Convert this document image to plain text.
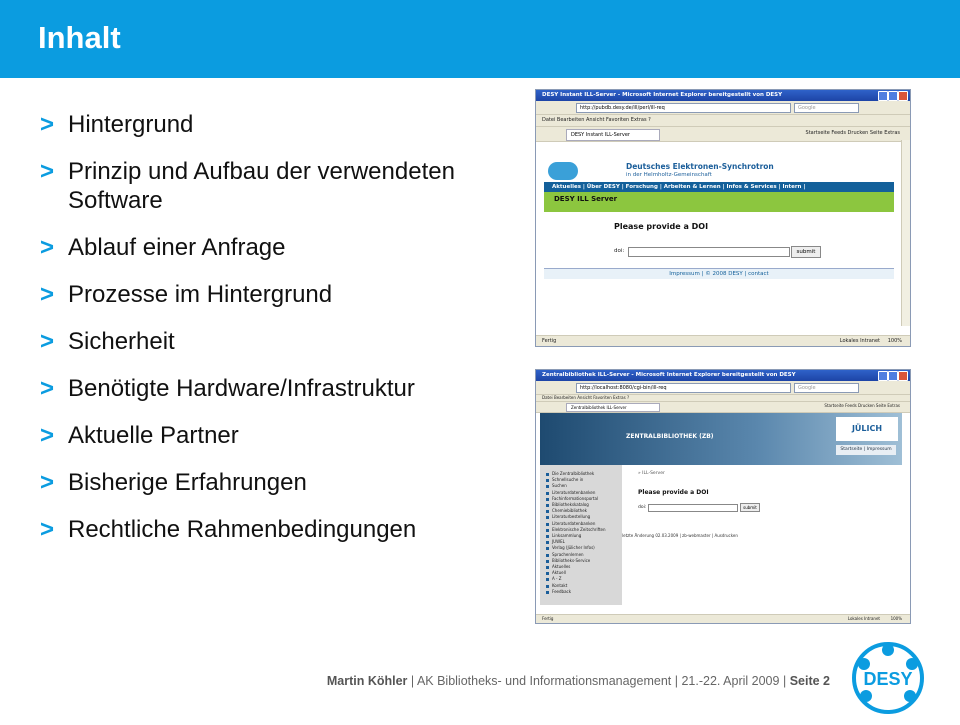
Inhalt
> Hintergrund
> Prinzip und Aufbau der verwendeten Software
> Ablauf einer Anfrage
> Prozesse im Hintergrund
> Sicherheit
> Benötigte Hardware/Infrastruktur
> Aktuelle Partner
> Bisherige Erfahrungen
> Rechtliche Rahmenbedingungen
DESY Instant ILL-Server - Microsoft Internet Explorer bereitgestellt von DESY
http://pubdb.desy.de/ill/perl/ill-req	Google
Datei Bearbeiten Ansicht Favoriten Extras ?
DESY Instant ILL-Server	Startseite Feeds Drucken Seite Extras
Deutsches Elektronen-Synchrotron
in der Helmholtz-Gemeinschaft
Aktuelles | Über DESY | Forschung | Arbeiten & Lernen | Infos & Services | Intern |
DESY ILL Server
Please provide a DOI
doi:	submit
Impressum | © 2008 DESY | contact
Fertig	Lokales Intranet 100%
Zentralbibliothek ILL-Server - Microsoft Internet Explorer bereitgestellt von DESY
http://localhost:8080/cgi-bin/ill-req	Google
Datei Bearbeiten Ansicht Favoriten Extras ?
Zentralbibliothek ILL-Server	Startseite Feeds Drucken Seite Extras
ZENTRALBIBLIOTHEK (ZB)
JÜLICH
Startseite | Impressum
Die Zentralbibliothek
Schnellsuche in
Suchen
Literaturdatenbanken
Fachinformationsportal
Bibliothekskatalog
Chemiebibliothek
Literaturbestellung
Literaturdatenbanken
Elektronische Zeitschriften
Linksammlung
JUWEL
Verlag (Jülicher Infos)
Sprachenlernen
Bibliotheks-Service
Aktuelles
Aktuell
A - Z
Kontakt
Feedback
» ILL-Server
Please provide a DOI
doi:	submit
letzte Änderung 02.03.2009 | zb-webmaster | Ausdrucken
Fertig	Lokales Intranet	100%
Martin Köhler | AK Bibliotheks- und Informationsmanagement | 21.-22. April 2009 | Seite 2 DESY
